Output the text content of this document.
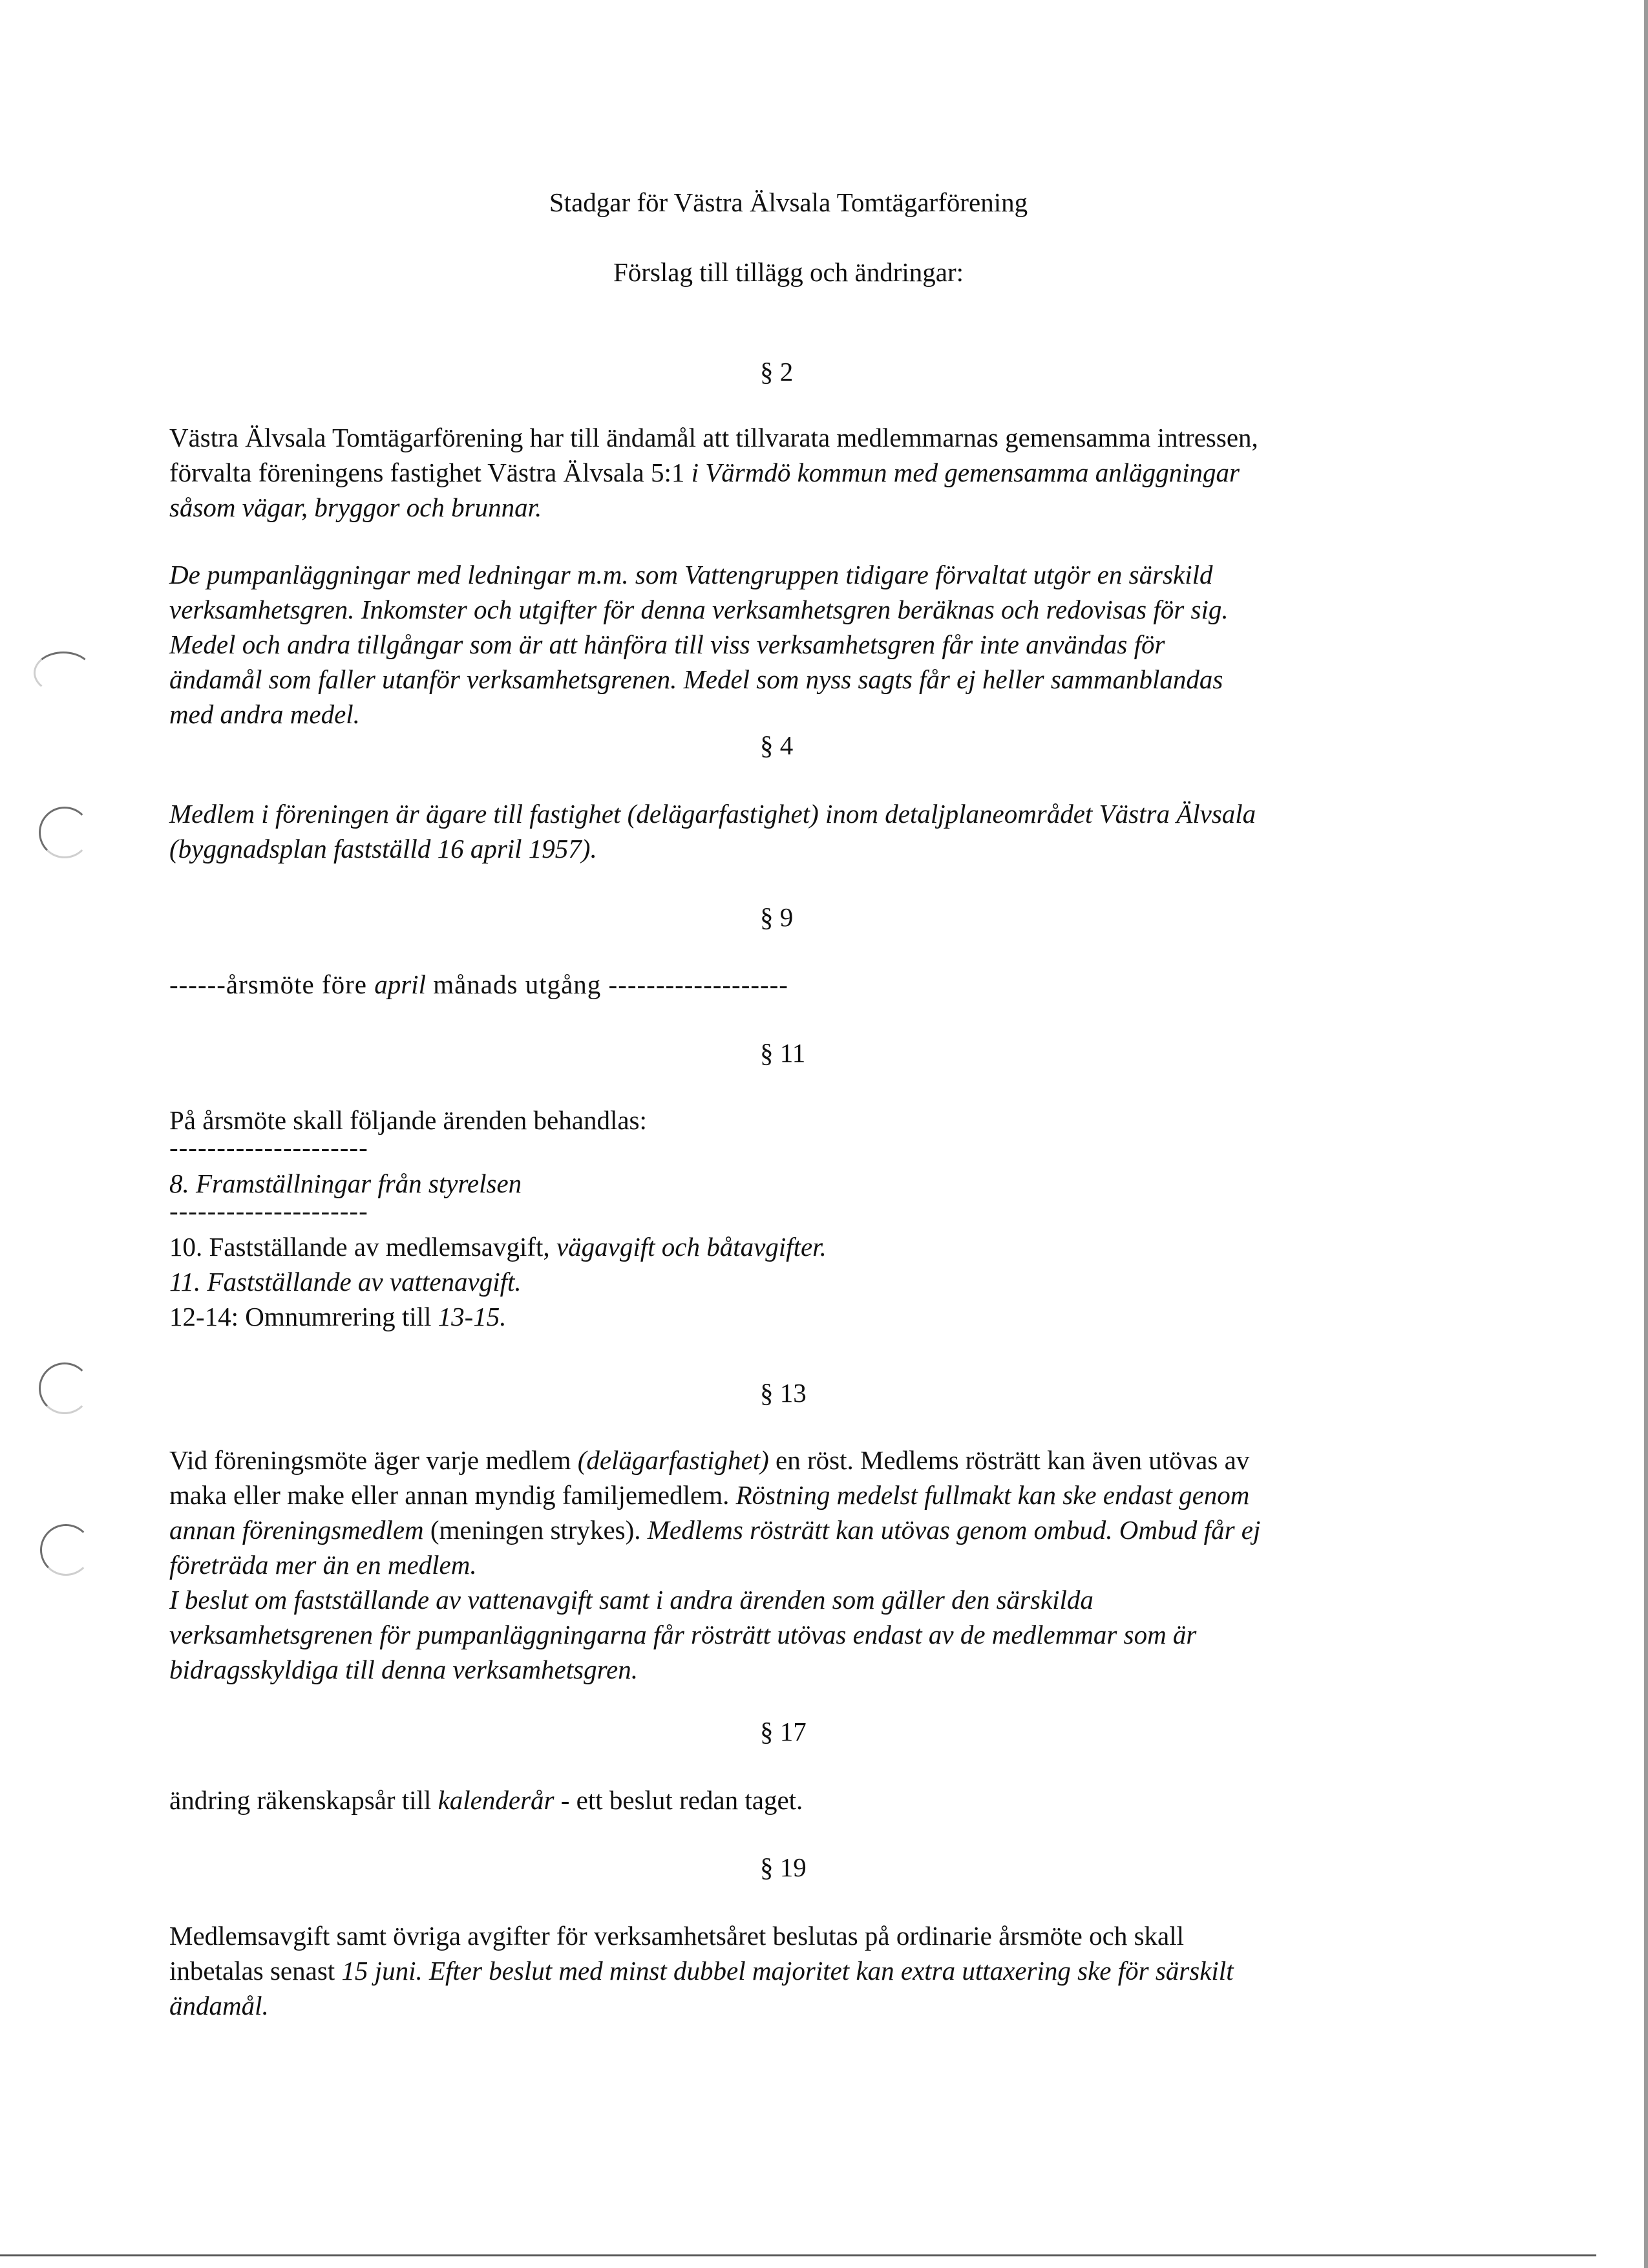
Stadgar för Västra Älvsala Tomtägarförening
Förslag till tillägg och ändringar:
§ 2
Västra Älvsala Tomtägarförening har till ändamål att tillvarata medlemmarnas gemensamma intressen,
förvalta föreningens fastighet Västra Älvsala 5:1 i Värmdö kommun med gemensamma anläggningar
såsom vägar, bryggor och brunnar.
De pumpanläggningar med ledningar m.m. som Vattengruppen tidigare förvaltat utgör en särskild
verksamhetsgren. Inkomster och utgifter för denna verksamhetsgren beräknas och redovisas för sig.
Medel och andra tillgångar som är att hänföra till viss verksamhetsgren får inte användas för
ändamål som faller utanför verksamhetsgrenen. Medel som nyss sagts får ej heller sammanblandas
med andra medel.
§ 4
Medlem i föreningen är ägare till fastighet (delägarfastighet) inom detaljplaneområdet Västra Älvsala
(byggnadsplan fastställd 16 april 1957).
§ 9
------årsmöte före april månads utgång -------------------
§ 11
På årsmöte skall följande ärenden behandlas:
---------------------
8. Framställningar från styrelsen
---------------------
10. Fastställande av medlemsavgift, vägavgift och båtavgifter.
11. Fastställande av vattenavgift.
12-14: Omnumrering till 13-15.
§ 13
Vid föreningsmöte äger varje medlem (delägarfastighet) en röst. Medlems rösträtt kan även utövas av
maka eller make eller annan myndig familjemedlem. Röstning medelst fullmakt kan ske endast genom
annan föreningsmedlem (meningen strykes). Medlems rösträtt kan utövas genom ombud. Ombud får ej
företräda mer än en medlem.
I beslut om fastställande av vattenavgift samt i andra ärenden som gäller den särskilda
verksamhetsgrenen för pumpanläggningarna får rösträtt utövas endast av de medlemmar som är
bidragsskyldiga till denna verksamhetsgren.
§ 17
ändring räkenskapsår till kalenderår - ett beslut redan taget.
§ 19
Medlemsavgift samt övriga avgifter för verksamhetsåret beslutas på ordinarie årsmöte och skall
inbetalas senast 15 juni. Efter beslut med minst dubbel majoritet kan extra uttaxering ske för särskilt
ändamål.
